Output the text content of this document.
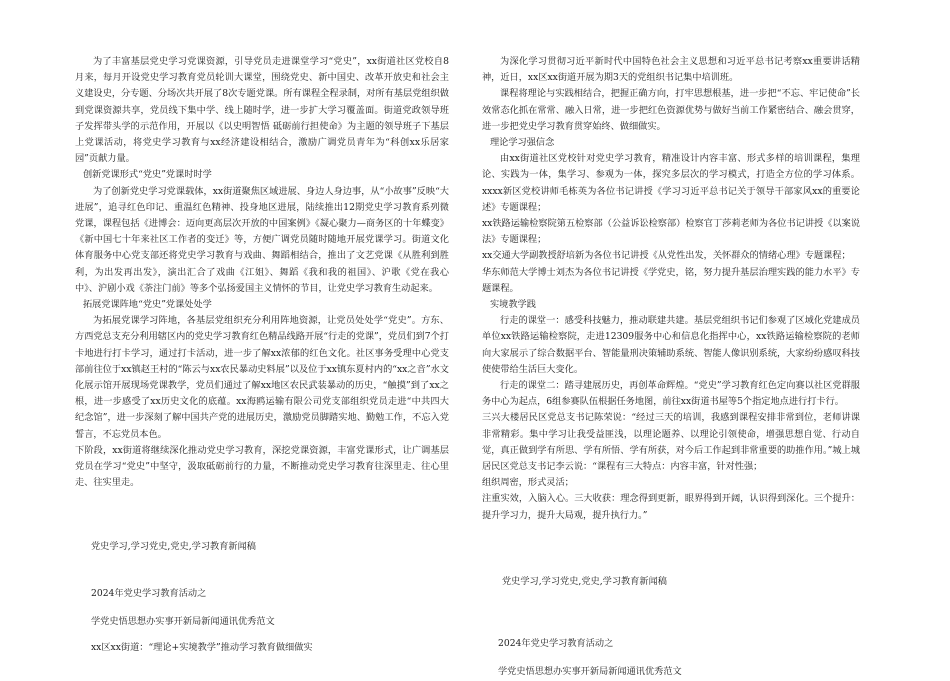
为了丰富基层党史学习党课资源，引导党员走进课堂学习“党史”，xx街道社区党校自8月来，每月开设党史学习教育党员轮训大课堂，围绕党史、新中国史、改革开放史和社会主义建设史，分专题、分场次共开展了8次专题党课。所有课程全程录制，对所有基层党组织做到党课资源共享，党员线下集中学、线上随时学，进一步扩大学习覆盖面。街道党政领导班子发挥带头学的示范作用，开展以《以史明智悟 砥砺前行担使命》为主题的领导班子下基层上党课活动，将党史学习教育与xx经济建设相结合，激励广调党员青年为“科创xx乐居家园”贡献力量。

创新党课形式“党史”党课时时学

为了创新党史学习党课载体，xx街道聚焦区域进展、身边人身边事，从“小故事”反映“大进展”，追寻红色印记、重温红色精神、投身地区进展，陆续推出12期党史学习教育系列微党课，课程包括《进博会：迈向更高层次开放的中国案例》《凝心聚力—商务区的十年蝶变》《新中国七十年来社区工作者的变迁》等，方便广调党员随时随地开展党课学习。街道文化体育服务中心党支部还将党史学习教育与戏曲、舞蹈相结合，推出了文艺党课《从胜利到胜利，为出发再出发》，演出汇合了戏曲《江姐》、舞蹈《我和我的祖国》、沪歌《党在我心中》、沪剧小戏《荼注门前》等多个弘扬爱国主义情怀的节目，让党史学习教育生动起来。

拓展党课阵地“党史”党课处处学

为拓展党课学习阵地，各基层党组织充分利用阵地资源，让党员处处学“党史”。方东、方西党总支充分利用辖区内的党史学习教育红色精品线路开展“行走的党课”，党员们到7个打卡地进行打卡学习，通过打卡活动，进一步了解xx浓郁的红色文化。社区事务受理中心党支部前往位于xx镇赵王村的“陈云与xx农民暴动史料展”以及位于xx镇东夏村内的“xx之音”水文化展示馆开展现场党课教学，党员们通过了解xx地区农民武装暴动的历史，“触摸”到了xx之根，进一步感受了xx历史文化的底蕴。xx海鸥运输有限公司党支部组织党员走进“中共四大纪念馆”，进一步深刻了解中国共产党的进展历史，激励党员脚踏实地、勤勉工作，不忘入党誓言，不忘党员本色。

下阶段，xx街道将继续深化推动党史学习教育，深挖党课资源，丰富党课形式，让广调基层党员在学习“党史”中坚守，汲取砥砺前行的力量，不断推动党史学习教育往深里走、往心里走、往实里走。

党史学习,学习党史,党史,学习教育新闻稿

2024年党史学习教育活动之

学党史悟思想办实事开新局新闻通讯优秀范文

xx区xx街道：“理论+实境教学”推动学习教育做细做实

为深化学习贯彻习近平新时代中国特色社会主义思想和习近平总书记考察xx重要讲话精神，近日，xx区xx街道开展为期3天的党组织书记集中培训班。

课程将理论与实践相结合，把握正确方向，打牢思想根基，进一步把“不忘、牢记使命”长效常态化抓在常常、融入日常，进一步把红色资源优势与做好当前工作紧密结合、融会贯穿，进一步把党史学习教育贯穿始终、做细做实。

理论学习强信念

由xx街道社区党校针对党史学习教育，精准设计内容丰富、形式多样的培训课程，集理论、实践为一体，集学习、参观为一体，探究多层次的学习模式，打造全方位的学习体系。xxxx新区党校讲师毛栋英为各位书记讲授《学习习近平总书记关于领导干部家风xx的重要论述》专题课程；

xx铁路运输检察院第五检察部（公益诉讼检察部）检察官丁莎莉老师为各位书记讲授《以案说法》专题课程；

xx交通大学副教授舒培新为各位书记讲授《从党性出发，关怀群众的情绪心理》专题课程；

华东师范大学博士刘杰为各位书记讲授《学党史，铭，努力提升基层治理实践的能力水平》专题课程。

实境教学践

行走的课堂一：感受科技魅力，推动联建共建。基层党组织书记们参观了区域化党建成员单位xx铁路运输检察院，走进12309服务中心和信息化指挥中心，xx铁路运输检察院的老师向大家展示了综合数据平台、智能量刑决策辅助系统、智能人像识别系统，大家纷纷感叹科技使使带给生活巨大变化。

行走的课堂二：踏寻建展历史，再创革命辉煌。“党史”学习教育红色定向赛以社区党群服务中心为起点，6组参赛队伍根据任务地图，前往xx街道书屋等5个指定地点进行打卡行。

三兴大楼居民区党总支书记陈荣说：“经过三天的培训，我感到课程安排非常到位，老师讲课非常精彩。集中学习让我受益匪浅，以理论题养、以理论引领使命，增强思想自觉、行动自觉，真正做到学有所思、学有所悟、学有所获，对今后工作起到非常重要的助推作用。”城上城居民区党总支书记李云说：“课程有三大特点：内容丰富，针对性强；

组织周密，形式灵活；

注重实效，入脑入心。三大收获：理念得到更新，眼界得到开阔，认识得到深化。三个提升：提升学习力，提升大局观，提升执行力。”

党史学习,学习党史,党史,学习教育新闻稿

2024年党史学习教育活动之

学党史悟思想办实事开新局新闻通讯优秀范文
